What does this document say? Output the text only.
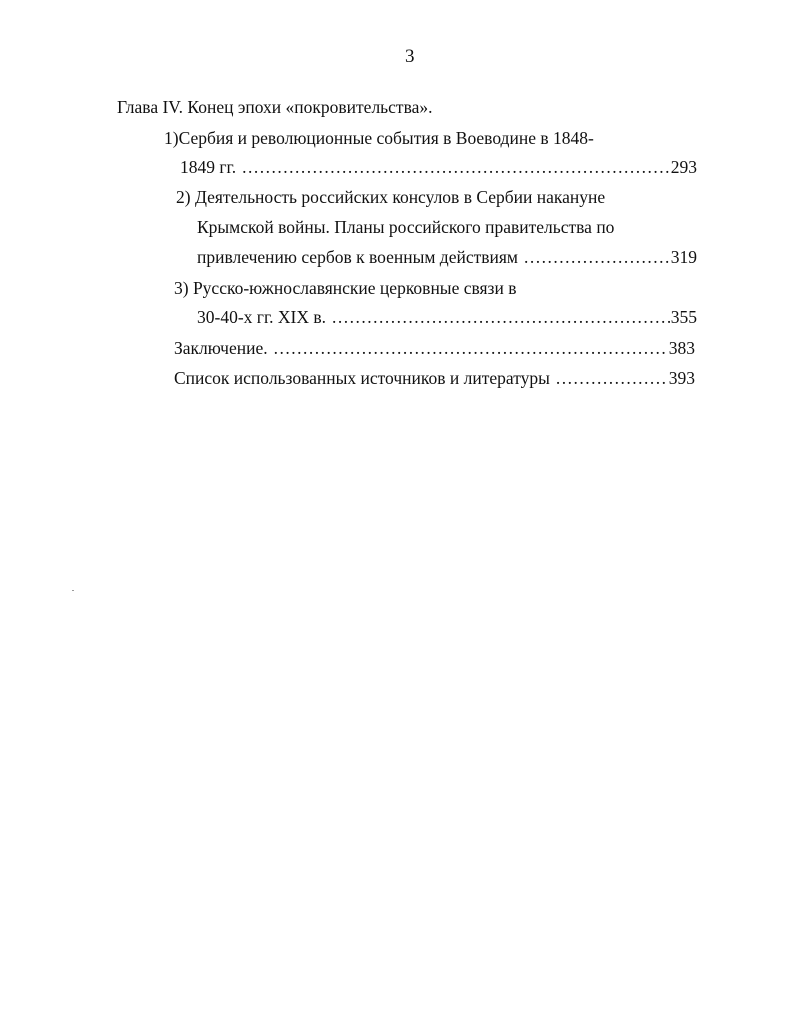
3
Глава IV. Конец эпохи «покровительства».
1)Сербия и революционные события в Воеводине в 1848-
1849 гг. .....	293
2) Деятельность российских консулов в Сербии накануне
Крымской войны. Планы российского правительства по
привлечению сербов к военным действиям .....	319
3) Русско-южнославянские церковные связи в
30-40-х гг. XIX в. .....	355
Заключение. .....	383
Список использованных источников и литературы .....	393
